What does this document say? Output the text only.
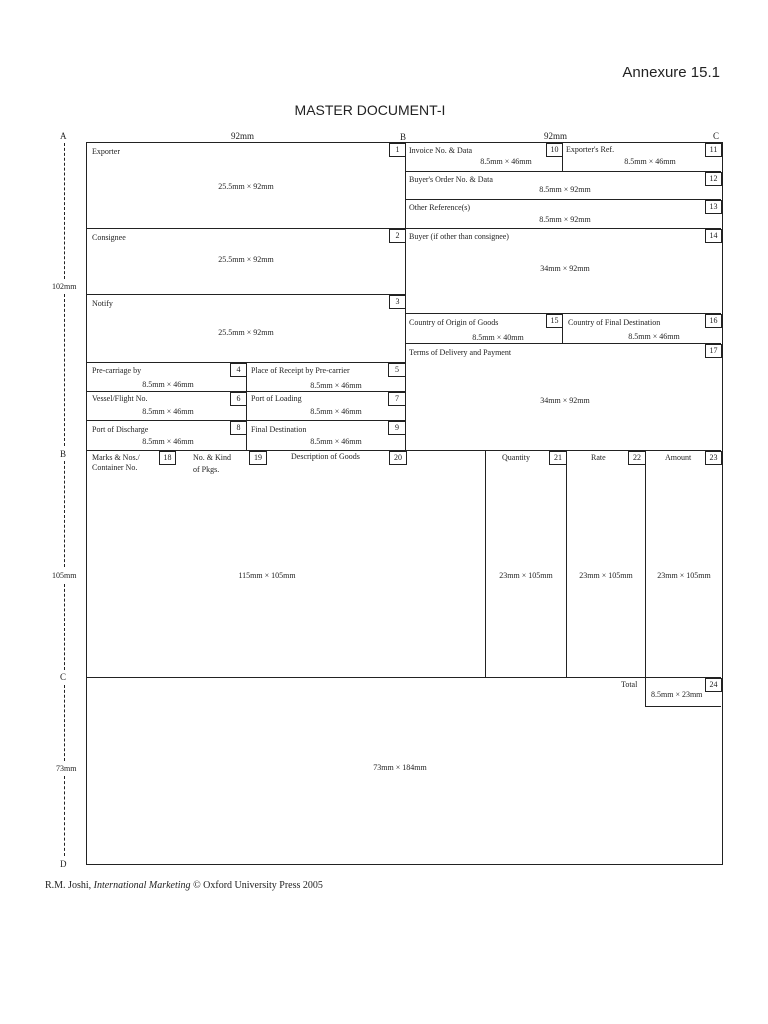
Annexure 15.1
MASTER DOCUMENT-I
A	92mm	B	92mm	C
102mm
B
105mm
C
73mm
D
Exporter	1
25.5mm × 92mm
Consignee	2
25.5mm × 92mm
Notify	3
25.5mm × 92mm
Pre-carriage by	4
8.5mm × 46mm
Place of Receipt by Pre-carrier	5
8.5mm × 46mm
Vessel/Flight No.	6
8.5mm × 46mm
Port of Loading	7
8.5mm × 46mm
Port of Discharge	8
8.5mm × 46mm
Final Destination	9
8.5mm × 46mm
Invoice No. & Data	10
8.5mm × 46mm
Exporter's Ref.	11
8.5mm × 46mm
Buyer's Order No. & Data	12
8.5mm × 92mm
Other Reference(s)	13
8.5mm × 92mm
Buyer (if other than consignee)	14
34mm × 92mm
Country of Origin of Goods	15
8.5mm × 40mm
Country of Final Destination	16
8.5mm × 46mm
Terms of Delivery and Payment	17
34mm × 92mm
Marks & Nos./
Container No.
18	No. & Kind
of Pkgs.
19	Description of Goods	20
115mm × 105mm
Quantity	21
23mm × 105mm
Rate	22
23mm × 105mm
Amount	23
23mm × 105mm
Total	24
8.5mm × 23mm
73mm × 184mm
R.M. Joshi, International Marketing © Oxford University Press 2005
